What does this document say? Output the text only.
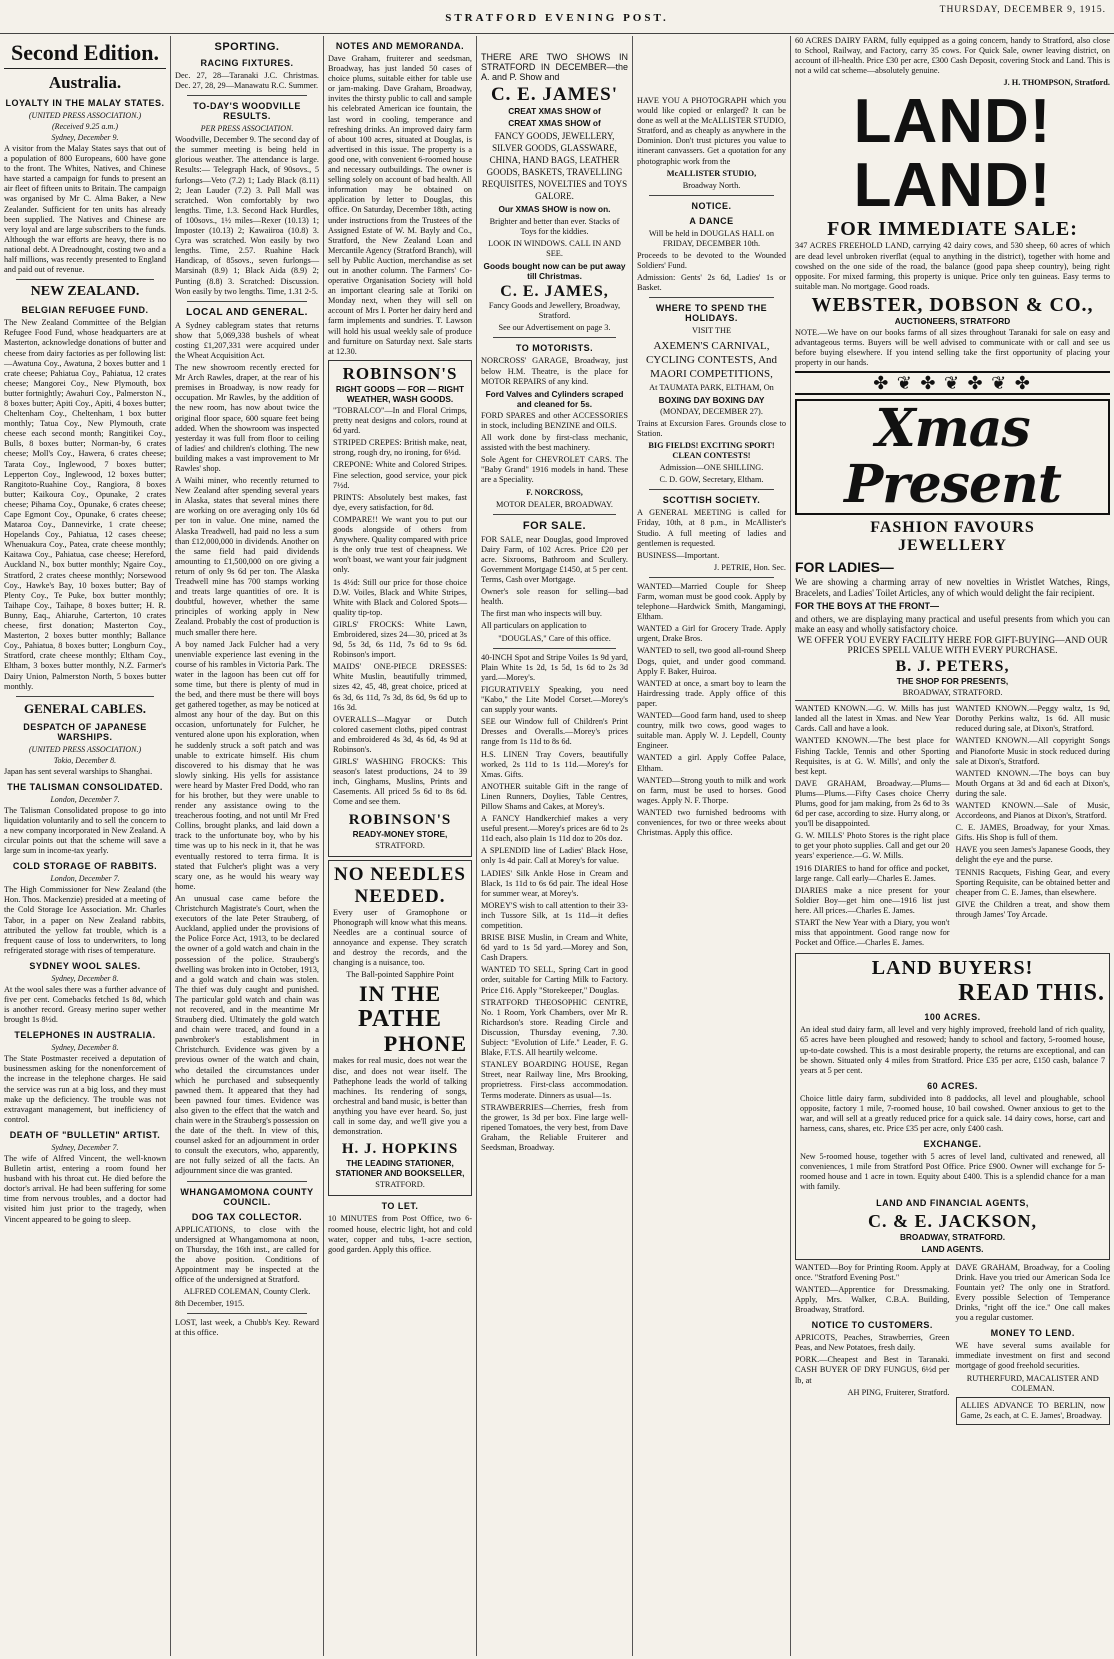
STRATFORD EVENING POST.
THURSDAY, DECEMBER 9, 1915.
Second Edition.
Australia.
LOYALTY IN THE MALAY STATES.
(UNITED PRESS ASSOCIATION.)
(Received 9.25 a.m.)
Sydney, December 9.

A visitor from the Malay States says that out of a population of 800 Europeans, 600 have gone to the front. The Whites, Natives, and Chinese have started a campaign for funds to present an air fleet of fifteen units to Britain. The campaign was organised by Mr C. Alma Baker, a New Zealander. Sufficient for ten units has already been supplied. The Natives and Chinese are very loyal and are large subscribers to the funds. Although the war efforts are heavy, there is no national debt. A Dreadnought, costing two and a half millions, was recently presented to England and paid out of revenue.

NEW ZEALAND.
BELGIAN REFUGEE FUND.

The New Zealand Committee of the Belgian Refugee Food Fund, whose headquarters are at Masterton, acknowledge donations of butter and cheese from dairy factories as per following list:—Awatuna Coy., Awatuna, 2 boxes butter and 1 crate cheese; Pahiatua Coy., Pahiatua, 12 crates cheese; Mangorei Coy., New Plymouth, box butter fortnightly; Awahuri Coy., Palmerston N., 8 boxes butter; Apiti Coy., Apiti, 4 boxes butter; Cheltenham Coy., Cheltenham, 1 box butter monthly; Tatua Coy., New Plymouth, crate cheese each second month; Rangitikei Coy., Bulls, 8 boxes butter; Norman-by, 6 crates cheese; Moll's Coy., Hawera, 6 crates cheese; Tarata Coy., Inglewood, 7 boxes butter; Lepperton Coy., Inglewood, 12 boxes butter; Rangitoto-Ruahine Coy., Rangiora, 8 boxes butter; Kaikoura Coy., Opunake, 2 crates cheese; Pihama Coy., Opunake, 6 crates cheese; Cape Egmont Coy., Opunake, 6 crates cheese; Mataroa Coy., Dannevirke, 1 crate cheese; Hopelands Coy., Pahiatua, 12 cases cheese; Whenuakura Coy., Patea, crate cheese monthly; Kaitawa Coy., Pahiatua, case cheese; Hereford, Auckland N., box butter monthly; Ngaire Coy., Stratford, 2 crates cheese monthly; Norsewood Coy., Hawke's Bay, 10 boxes butter; Bay of Plenty Coy., Te Puke, box butter monthly; Taihape Coy., Taihape, 8 boxes butter; H. R. Bunny, Eaq., Ahiaruhe, Carterton, 10 crates cheese, first donation; Masterton Coy., Masterton, 2 boxes butter monthly; Ballance Coy., Pahiatua, 8 boxes butter; Longburn Coy., Stratford, crate cheese monthly; Eltham Coy., Eltham, 3 boxes butter monthly, N.Z. Farmer's Dairy Union, Palmerston North, 5 boxes butter monthly.

GENERAL CABLES.
DESPATCH OF JAPANESE WARSHIPS.
(UNITED PRESS ASSOCIATION.)
Tokio, December 8.

Japan has sent several warships to Shanghai.

THE TALISMAN CONSOLIDATED.
London, December 7.

The Talisman Consolidated propose to go into liquidation voluntarily and to sell the concern to a new company incorporated in New Zealand. A circular points out that the scheme will save a large sum in income-tax yearly.

COLD STORAGE OF RABBITS.
London, December 7.

The High Commissioner for New Zealand (the Hon. Thos. Mackenzie) presided at a meeting of the Cold Storage Ice Association. Mr. Charles Tabor, in a paper on New Zealand rabbits, attributed the yellow fat trouble, which is a frequent cause of loss to underwriters, to long refrigerated storage with rises of temperature.

SYDNEY WOOL SALES.
Sydney, December 8.

At the wool sales there was a further advance of five per cent. Comebacks fetched 1s 8d, which is another record. Greasy merino super wether brought 1s 8½d.

TELEPHONES IN AUSTRALIA.
Sydney, December 8.

The State Postmaster received a deputation of businessmen asking for the nonenforcement of the increase in the telephone charges. He said the service was run at a big loss, and they must make up the deficiency. The trouble was not extravagant management, but inefficiency of control.

DEATH OF "BULLETIN" ARTIST.
Sydney, December 7.

The wife of Alfred Vincent, the well-known Bulletin artist, entering a room found her husband with his throat cut. He died before the doctor's arrival. He had been suffering for some time from nervous troubles, and a doctor had visited him just prior to the tragedy, when Vincent appeared to be going to sleep.

SPORTING.
RACING FIXTURES.

Dec. 27, 28—Taranaki J.C. Christmas. Dec. 27, 28, 29—Manawatu R.C. Summer.

TO-DAY'S WOODVILLE RESULTS.
PER PRESS ASSOCIATION.

Woodville, December 9. The second day of the summer meeting is being held in glorious weather. The attendance is large. Results:— Telegraph Hack, of 90sovs., 5 furlongs—Veto (7.2) 1; Lady Black (8.11) 2; Jean Lauder (7.2) 3. Pall Mall was scratched. Won comfortably by two lengths. Time, 1.3. Second Hack Hurdles, of 100sovs., 1½ miles—Rexer (10.13) 1; Imposter (10.13) 2; Kawaiiroa (10.8) 3. Cyra was scratched. Won easily by two lengths. Time, 2.57. Ruahine Hack Handicap, of 85sovs., seven furlongs—Marsinah (8.9) 1; Black Aida (8.9) 2; Punting (8.8) 3. Scratched: Discussion. Won easily by two lengths. Time, 1.31 2-5.

LOCAL AND GENERAL.

A Sydney cablegram states that returns show that 5,069,338 bushels of wheat costing £1,207,331 were acquired under the Wheat Acquisition Act.

The new showroom recently erected for Mr Arch Rawles, draper, at the rear of his premises in Broadway, is now ready for occupation. Mr Rawles, by the addition of the new room, has now about twice the original floor space, 600 square feet being added. When the showroom was inspected yesterday it was full from floor to ceiling of ladies' and children's clothing. The new building makes a vast improvement to Mr Rawles' shop.

A Waihi miner, who recently returned to New Zealand after spending several years in Alaska, states that several mines there are working on ore averaging only 10s 6d per ton in value. One mine, named the Alaska Treadwell, had paid no less a sum than £12,000,000 in dividends. Another on the same field had paid dividends amounting to £1,500,000 on ore giving a return of only 9s 6d per ton. The Alaska Treadwell mine has 700 stamps working and treats large quantities of ore. It is doubtful, however, whether the same principles of working apply in New Zealand. Probably the cost of production is much smaller there here.

A boy named Jack Fulcher had a very unenviable experience last evening in the course of his rambles in Victoria Park. The water in the lagoon has been cut off for some time, but there is plenty of mud in the bed, and there must be there will boys get gathered together, as may be noticed at almost any hour of the day. But on this occasion, unfortunately for Fulcher, he ventured alone upon his exploration, when he suddenly struck a soft patch and was unable to extricate himself. His chum discovered to his dismay that he was slowly sinking. His yells for assistance were heard by Master Fred Dodd, who ran for his brother, but they were unable to render any assistance owing to the treacherous footing, and not until Mr Fred Collins, brought planks, and laid down a track to the unfortunate boy, who by his time was up to his neck in it, that he was eventually restored to terra firma. It is stated that Fulcher's plight was a very scary one, as he would his weary way home.

An unusual case came before the Christchurch Magistrate's Court, when the executors of the late Peter Strauberg, of Auckland, applied under the provisions of the Police Force Act, 1913, to be declared the owner of a gold watch and chain in the possession of the police. Strauberg's dwelling was broken into in October, 1913, and a gold watch and chain was stolen. The thief was duly caught and punished. The particular gold watch and chain was not recovered, and in the meantime Mr Strauberg died. Ultimately the gold watch and chain were traced, and found in a pawnbroker's establishment in Christchurch. Evidence was given by a previous owner of the watch and chain, who detailed the circumstances under which he purchased and subsequently pawned them. It appeared that they had been pawned four times. Evidence was also given to the effect that the watch and chain were in the Strauberg's possession on the date of the theft. In view of this, counsel asked for an adjournment in order to consult the executors, who, apparently, are not fully seized of all the facts. An adjournment since die was granted.

WHANGAMOMONA COUNTY COUNCIL.
DOG TAX COLLECTOR.

APPLICATIONS, to close with the undersigned at Whangamomona at noon, on Thursday, the 16th inst., are called for the above position. Conditions of Appointment may be inspected at the office of the undersigned at Stratford.

ALFRED COLEMAN, County Clerk.

8th December, 1915.

LOST, last week, a Chubb's Key. Reward at this office.

NOTES AND MEMORANDA.

Dave Graham, fruiterer and seedsman, Broadway, has just landed 50 cases of choice plums, suitable either for table use or jam-making. Dave Graham, Broadway, invites the thirsty public to call and sample his celebrated American ice fountain, the last word in cooling, temperance and refreshing drinks. An improved dairy farm of about 100 acres, situated at Douglas, is advertised in this issue. The property is a good one, with convenient 6-roomed house and necessary outbuildings. The owner is selling solely on account of bad health. All information may be obtained on application by letter to Douglas, this office. On Saturday, December 18th, acting under instructions from the Trustees of the Assigned Estate of W. M. Bayly and Co., Stratford, the New Zealand Loan and Mercantile Agency (Stratford Branch), will sell by Public Auction, merchandise as set out in another column. The Farmers' Co-operative Organisation Society will hold an important clearing sale at Toriki on Monday next, when they will sell on account of Mrs I. Porter her dairy herd and farm implements and sundries. T. Lawson will hold his usual weekly sale of produce and furniture on Saturday next. Sale starts at 12.30.

ROBINSON'S

RIGHT GOODS — FOR — RIGHT WEATHER, WASH GOODS.

"TOBRALCO"—In and Floral Crimps, pretty neat designs and colors, round at 6d yard.

STRIPED CREPES: British make, neat, strong, rough dry, no ironing, for 6½d.

CREPONE: White and Colored Stripes. Fine selection, good service, your pick 7½d.

PRINTS: Absolutely best makes, fast dye, every satisfaction, for 8d.

COMPARE!! We want you to put our goods alongside of others from Anywhere. Quality compared with price is the only true test of cheapness. We won't boast, we want your fair judgment only.

1s 4½d: Still our price for those choice D.W. Voiles, Black and White Stripes, White with Black and Colored Spots—quality tip-top.

GIRLS' FROCKS: White Lawn, Embroidered, sizes 24—30, priced at 3s 9d, 5s 3d, 6s 11d, 7s 6d to 9s 6d. Robinson's import.

MAIDS' ONE-PIECE DRESSES: White Muslin, beautifully trimmed, sizes 42, 45, 48, great choice, priced at 6s 3d, 6s 11d, 7s 3d, 8s 6d, 9s 6d up to 16s 3d.

OVERALLS—Magyar or Dutch colored casement cloths, piped contrast and embroidered 4s 3d, 4s 6d, 4s 9d at Robinson's.

GIRLS' WASHING FROCKS: This season's latest productions, 24 to 39 inch, Ginghams, Muslins, Prints and Casements. All priced 5s 6d to 8s 6d. Come and see them.

ROBINSON'S

READY-MONEY STORE,

STRATFORD.

NO NEEDLES NEEDED.

Every user of Gramophone or Phonograph will know what this means. Needles are a continual source of annoyance and expense. They scratch and destroy the records, and the changing is a nuisance, too.

The Ball-pointed Sapphire Point

IN THE
PATHE
PHONE

makes for real music, does not wear the disc, and does not wear itself. The Pathephone leads the world of talking machines. Its rendering of songs, orchestral and band music, is better than anything you have ever heard. So, just call in some day, and we'll give you a demonstration.

H. J. HOPKINS

THE LEADING STATIONER, STATIONER AND BOOKSELLER,

STRATFORD.

TO LET.

10 MINUTES from Post Office, two 6-roomed house, electric light, hot and cold water, copper and tubs, 1-acre section, good garden. Apply this office.

THERE ARE TWO SHOWS IN STRATFORD IN DECEMBER—the A. and P. Show and

C. E. JAMES'

CREAT XMAS SHOW of

CREAT XMAS SHOW of

FANCY GOODS, JEWELLERY, SILVER GOODS, GLASSWARE, CHINA, HAND BAGS, LEATHER GOODS, BASKETS, TRAVELLING REQUISITES, NOVELTIES and TOYS GALORE.

Our XMAS SHOW is now on.

Brighter and better than ever. Stacks of Toys for the kiddies.

LOOK IN WINDOWS. CALL IN AND SEE.

Goods bought now can be put away till Christmas.

C. E. JAMES,

Fancy Goods and Jewellery, Broadway, Stratford.

See our Advertisement on page 3.

TO MOTORISTS.

NORCROSS' GARAGE, Broadway, just below H.M. Theatre, is the place for MOTOR REPAIRS of any kind.

Ford Valves and Cylinders scraped and cleaned for 5s.

FORD SPARES and other ACCESSORIES in stock, including BENZINE and OILS.

All work done by first-class mechanic, assisted with the best machinery.

Sole Agent for CHEVROLET CARS. The "Baby Grand" 1916 models in hand. These are a Speciality.

F. NORCROSS,

MOTOR DEALER, BROADWAY.

FOR SALE.

FOR SALE, near Douglas, good Improved Dairy Farm, of 102 Acres. Price £20 per acre. Sixrooms, Bathroom and Scullery. Government Mortgage £1450, at 5 per cent. Terms, Cash over Mortgage.

Owner's sole reason for selling—bad health.

The first man who inspects will buy.

All particulars on application to

"DOUGLAS," Care of this office.

40-INCH Spot and Stripe Voiles 1s 9d yard, Plain White 1s 2d, 1s 5d, 1s 6d to 2s 3d yard.—Morey's.

FIGURATIVELY Speaking, you need "Kabo," the Lite Model Corset.—Morey's can supply your wants.

SEE our Window full of Children's Print Dresses and Overalls.—Morey's prices range from 1s 11d to 8s 6d.

H.S. LINEN Tray Covers, beautifully worked, 2s 11d to 1s 11d.—Morey's for Xmas. Gifts.

ANOTHER suitable Gift in the range of Linen Runners, Doylies, Table Centres, Pillow Shams and Cakes, at Morey's.

A FANCY Handkerchief makes a very useful present.—Morey's prices are 6d to 2s 11d each, also plain 1s 11d doz to 20s doz.

A SPLENDID line of Ladies' Black Hose, only 1s 4d pair. Call at Morey's for value.

LADIES' Silk Ankle Hose in Cream and Black, 1s 11d to 6s 6d pair. The ideal Hose for summer wear, at Morey's.

MOREY'S wish to call attention to their 33-inch Tussore Silk, at 1s 11d—it defies competition.

BRISE BISE Muslin, in Cream and White, 6d yard to 1s 5d yard.—Morey and Son, Cash Drapers.

WANTED TO SELL, Spring Cart in good order, suitable for Carting Milk to Factory. Price £16. Apply "Storekeeper," Douglas.

STRATFORD THEOSOPHIC CENTRE, No. 1 Room, York Chambers, over Mr R. Richardson's store. Reading Circle and Discussion, Thursday evening, 7.30. Subject: "Evolution of Life." Leader, F. G. Blake, F.T.S. All heartily welcome.

STANLEY BOARDING HOUSE, Regan Street, near Railway line, Mrs Brooking, proprietress. First-class accommodation. Terms moderate. Dinners as usual—1s.

STRAWBERRIES—Cherries, fresh from the grower, 1s 3d per box. Fine large well-ripened Tomatoes, the very best, from Dave Graham, the Reliable Fruiterer and Seedsman, Broadway.

HAVE YOU A PHOTOGRAPH which you would like copied or enlarged? It can be done as well at the McALLISTER STUDIO, Stratford, and as cheaply as anywhere in the Dominion. Don't trust pictures you value to itinerant canvassers. Get a quotation for any photographic work from the

McALLISTER STUDIO,

Broadway North.

NOTICE.
A DANCE

Will be held in DOUGLAS HALL on FRIDAY, DECEMBER 10th.

Proceeds to be devoted to the Wounded Soldiers' Fund.

Admission: Gents' 2s 6d, Ladies' 1s or Basket.

WHERE TO SPEND THE HOLIDAYS.

VISIT THE

AXEMEN'S CARNIVAL, CYCLING CONTESTS, And MAORI COMPETITIONS,

At TAUMATA PARK, ELTHAM, On

BOXING DAY BOXING DAY

(MONDAY, DECEMBER 27).

Trains at Excursion Fares. Grounds close to Station.

BIG FIELDS! EXCITING SPORT! CLEAN CONTESTS!

Admission—ONE SHILLING.

C. D. GOW, Secretary, Eltham.

SCOTTISH SOCIETY.

A GENERAL MEETING is called for Friday, 10th, at 8 p.m., in McAllister's Studio. A full meeting of ladies and gentlemen is requested.

BUSINESS—Important.

J. PETRIE, Hon. Sec.

WANTED—Married Couple for Sheep Farm, woman must be good cook. Apply by telephone—Hardwick Smith, Mangamingi, Eltham.

WANTED a Girl for Grocery Trade. Apply urgent, Drake Bros.

WANTED to sell, two good all-round Sheep Dogs, quiet, and under good command. Apply F. Baker, Huiroa.

WANTED at once, a smart boy to learn the Hairdressing trade. Apply office of this paper.

WANTED—Good farm hand, used to sheep country, milk two cows, good wages to suitable man. Apply W. J. Lepdell, County Engineer.

WANTED a girl. Apply Coffee Palace, Eltham.

WANTED—Strong youth to milk and work on farm, must be used to horses. Good wages. Apply N. F. Thorpe.

WANTED two furnished bedrooms with conveniences, for two or three weeks about Christmas. Apply this office.

60 ACRES DAIRY FARM, fully equipped as a going concern, handy to Stratford, also close to School, Railway, and Factory, carry 35 cows. For Quick Sale, owner leaving district, on account of ill-health. Price £30 per acre, £300 Cash Deposit, covering Stock and Land. This is not a wild cat scheme—absolutely genuine.

J. H. THOMPSON, Stratford.

LAND! LAND!
FOR IMMEDIATE SALE:

347 ACRES FREEHOLD LAND, carrying 42 dairy cows, and 530 sheep, 60 acres of which are dead level unbroken riverflat (equal to anything in the district), together with home and cowshed on the one side of the road, the balance (good papa sheep country), being right opposite. For mixed farming, this property is unique. Price only ten guineas. Easy terms to suitable man. No mortgage. Good roads.

WEBSTER, DOBSON & CO.,

AUCTIONEERS, STRATFORD

NOTE.—We have on our books farms of all sizes throughout Taranaki for sale on easy and advantageous terms. Buyers will be well advised to communicate with or call and see us before buying elsewhere. If you intend selling take the first opportunity of placing your property in our hands.

✤ ❦ ✤ ❦ ✤ ❦ ✤
Xmas Present
FASHION FAVOURS
JEWELLERY
FOR LADIES—

We are showing a charming array of new novelties in Wristlet Watches, Rings, Bracelets, and Ladies' Toilet Articles, any of which would delight the fair recipient.

FOR THE BOYS AT THE FRONT—

and others, we are displaying many practical and useful presents from which you can make an easy and wholly satisfactory choice.

WE OFFER YOU EVERY FACILITY HERE FOR GIFT-BUYING—AND OUR PRICES SPELL VALUE WITH EVERY PURCHASE.

B. J. PETERS,

THE SHOP FOR PRESENTS,

BROADWAY, STRATFORD.

WANTED KNOWN.—G. W. Mills has just landed all the latest in Xmas. and New Year Cards. Call and have a look.

WANTED KNOWN.—The best place for Fishing Tackle, Tennis and other Sporting Requisites, is at G. W. Mills', and only the best kept.

DAVE GRAHAM, Broadway.—Plums—Plums—Plums.—Fifty Cases choice Cherry Plums, good for jam making, from 2s 6d to 3s 6d per case, according to size. Hurry along, or you'll be disappointed.

G. W. MILLS' Photo Stores is the right place to get your photo supplies. Call and get our 20 years' experience.—G. W. Mills.

1916 DIARIES to hand for office and pocket, large range. Call early—Charles E. James.

DIARIES make a nice present for your Soldier Boy—get him one—1916 list just here. All prices.—Charles E. James.

START the New Year with a Diary, you won't miss that appointment. Good range now for Pocket and Office.—Charles E. James.

WANTED KNOWN.—Peggy waltz, 1s 9d, Dorothy Perkins waltz, 1s 6d. All music reduced during sale, at Dixon's, Stratford.

WANTED KNOWN.—All copyright Songs and Pianoforte Music in stock reduced during sale at Dixon's, Stratford.

WANTED KNOWN.—The boys can buy Mouth Organs at 3d and 6d each at Dixon's, during the sale.

WANTED KNOWN.—Sale of Music, Accordeons, and Pianos at Dixon's, Stratford.

C. E. JAMES, Broadway, for your Xmas. Gifts. His Shop is full of them.

HAVE you seen James's Japanese Goods, they delight the eye and the purse.

TENNIS Racquets, Fishing Gear, and every Sporting Requisite, can be obtained better and cheaper from C. E. James, than elsewhere.

GIVE the Children a treat, and show them through James' Toy Arcade.

LAND BUYERS!
READ THIS.
100 ACRES.

An ideal stud dairy farm, all level and very highly improved, freehold land of rich quality, 65 acres have been ploughed and resowed; handy to school and factory, 5-roomed house, up-to-date cowshed. This is a most desirable property, the returns are exceptional, and can be shown. Situated only 4 miles from Stratford. Price £35 per acre, £150 cash, balance 7 years at 5 per cent.

60 ACRES.

Choice little dairy farm, subdivided into 8 paddocks, all level and ploughable, school opposite, factory 1 mile, 7-roomed house, 10 bail cowshed. Owner anxious to get to the war, and will sell at a greatly reduced price for a quick sale. 14 dairy cows, horse, cart and harness, cans, shares, etc. Price £35 per acre, only £400 cash.

EXCHANGE.

New 5-roomed house, together with 5 acres of level land, cultivated and renewed, all conveniences, 1 mile from Stratford Post Office. Price £900. Owner will exchange for 5-roomed house and 1 acre in town. Equity about £400. This is a splendid chance for a man with family.

LAND AND FINANCIAL AGENTS,
C. & E. JACKSON,

BROADWAY, STRATFORD.

LAND AGENTS.

WANTED—Boy for Printing Room. Apply at once. "Stratford Evening Post."

WANTED—Apprentice for Dressmaking. Apply, Mrs. Walker, C.B.A. Building, Broadway, Stratford.

NOTICE TO CUSTOMERS.

APRICOTS, Peaches, Strawberries, Green Peas, and New Potatoes, fresh daily.

PORK.—Cheapest and Best in Taranaki. CASH BUYER OF DRY FUNGUS, 6½d per lb, at

AH PING, Fruiterer, Stratford.

DAVE GRAHAM, Broadway, for a Cooling Drink. Have you tried our American Soda Ice Fountain yet? The only one in Stratford. Every possible Selection of Temperance Drinks, "right off the ice." One call makes you a regular customer.

MONEY TO LEND.

WE have several sums available for immediate investment on first and second mortgage of good freehold securities.

RUTHERFURD, MACALISTER AND COLEMAN.

ALLIES ADVANCE TO BERLIN, now Game, 2s each, at C. E. James', Broadway.
